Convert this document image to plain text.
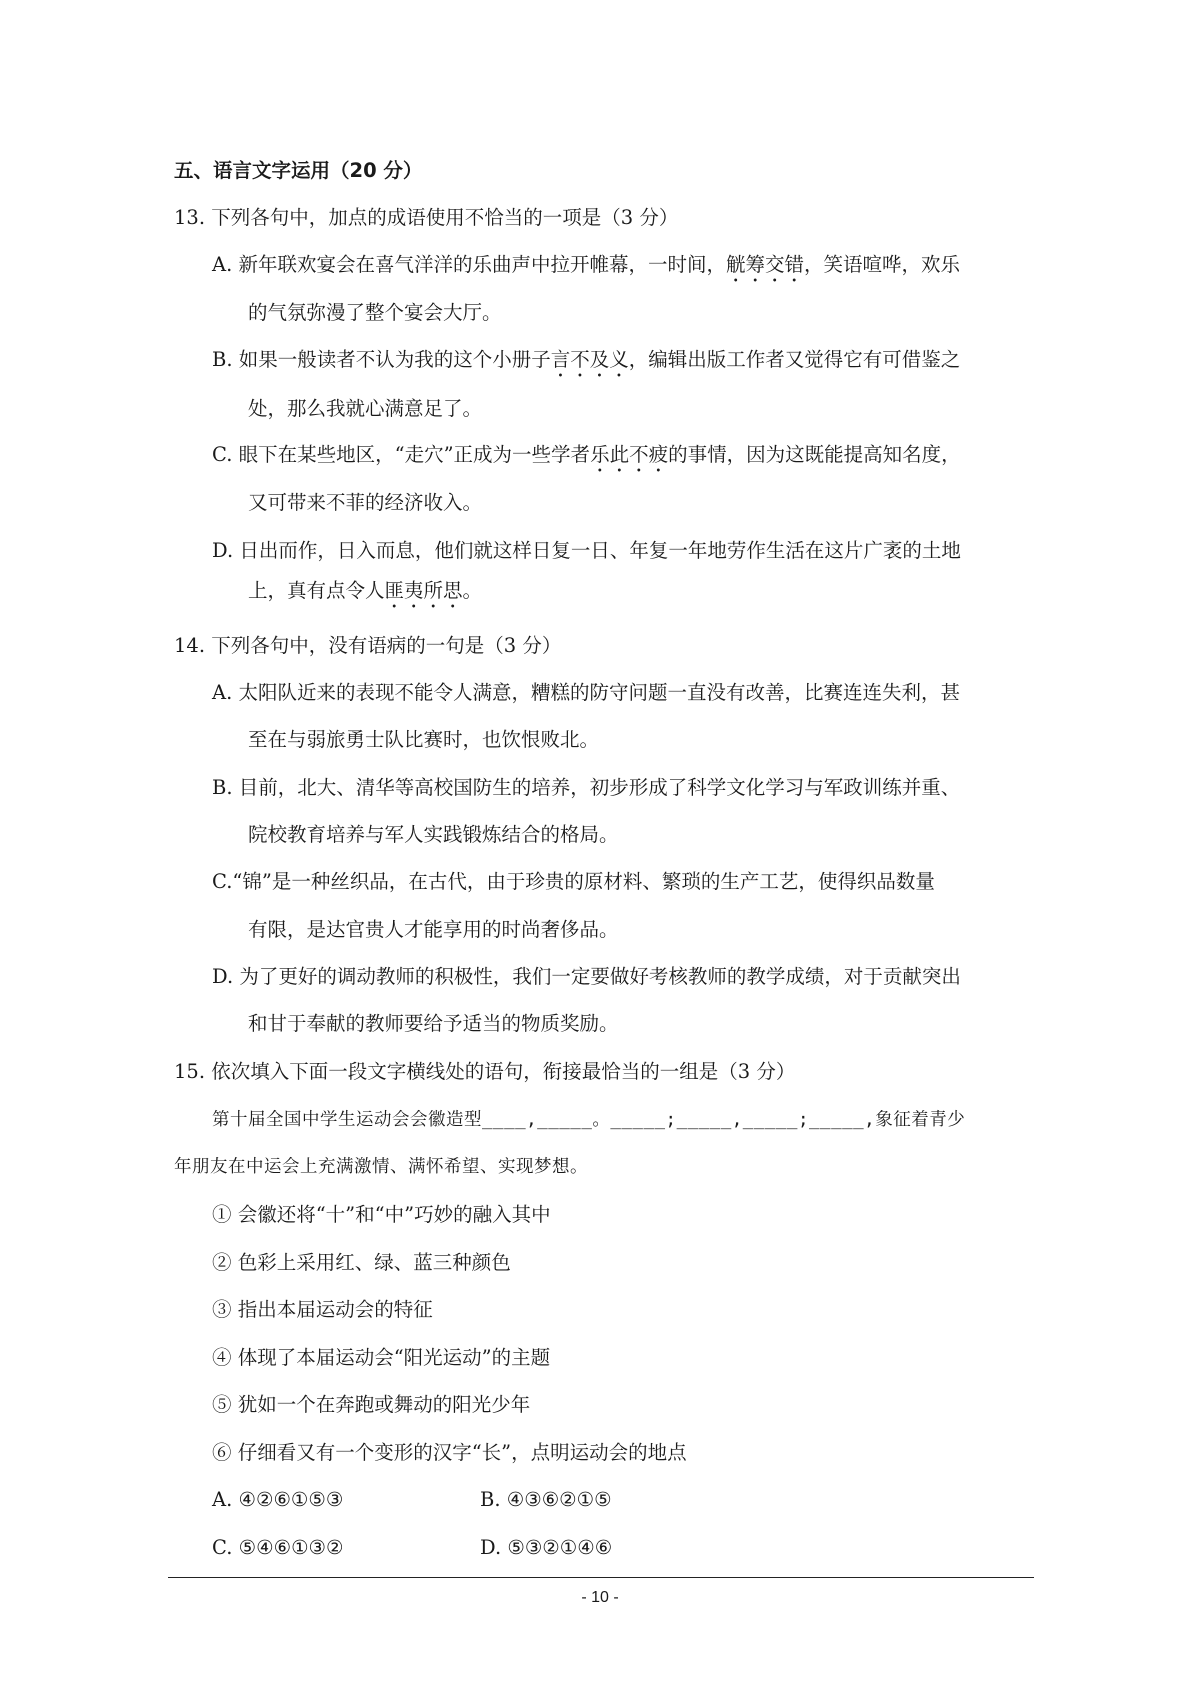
五、语言文字运用（20 分）
13. 下列各句中，加点的成语使用不恰当的一项是（3 分）
A. 新年联欢宴会在喜气洋洋的乐曲声中拉开帷幕，一时间，觥筹交错，笑语喧哗，欢乐
的气氛弥漫了整个宴会大厅。
B. 如果一般读者不认为我的这个小册子言不及义，编辑出版工作者又觉得它有可借鉴之
处，那么我就心满意足了。
C. 眼下在某些地区，“走穴”正成为一些学者乐此不疲的事情，因为这既能提高知名度，
又可带来不菲的经济收入。
D. 日出而作，日入而息，他们就这样日复一日、年复一年地劳作生活在这片广袤的土地
上，真有点令人匪夷所思。
14. 下列各句中，没有语病的一句是（3 分）
A. 太阳队近来的表现不能令人满意，糟糕的防守问题一直没有改善，比赛连连失利，甚
至在与弱旅勇士队比赛时，也饮恨败北。
B. 目前，北大、清华等高校国防生的培养，初步形成了科学文化学习与军政训练并重、
院校教育培养与军人实践锻炼结合的格局。
C.“锦”是一种丝织品，在古代，由于珍贵的原材料、繁琐的生产工艺，使得织品数量
有限，是达官贵人才能享用的时尚奢侈品。
D. 为了更好的调动教师的积极性，我们一定要做好考核教师的教学成绩，对于贡献突出
和甘于奉献的教师要给予适当的物质奖励。
15. 依次填入下面一段文字横线处的语句，衔接最恰当的一组是（3 分）
第十届全国中学生运动会会徽造型____,_____。_____;_____,_____;_____,象征着青少
年朋友在中运会上充满激情、满怀希望、实现梦想。
① 会徽还将“十”和“中”巧妙的融入其中
② 色彩上采用红、绿、蓝三种颜色
③ 指出本届运动会的特征
④ 体现了本届运动会“阳光运动”的主题
⑤ 犹如一个在奔跑或舞动的阳光少年
⑥ 仔细看又有一个变形的汉字“长”，点明运动会的地点
A. ④②⑥①⑤③	B. ④③⑥②①⑤
C. ⑤④⑥①③②	D. ⑤③②①④⑥
- 10 -
